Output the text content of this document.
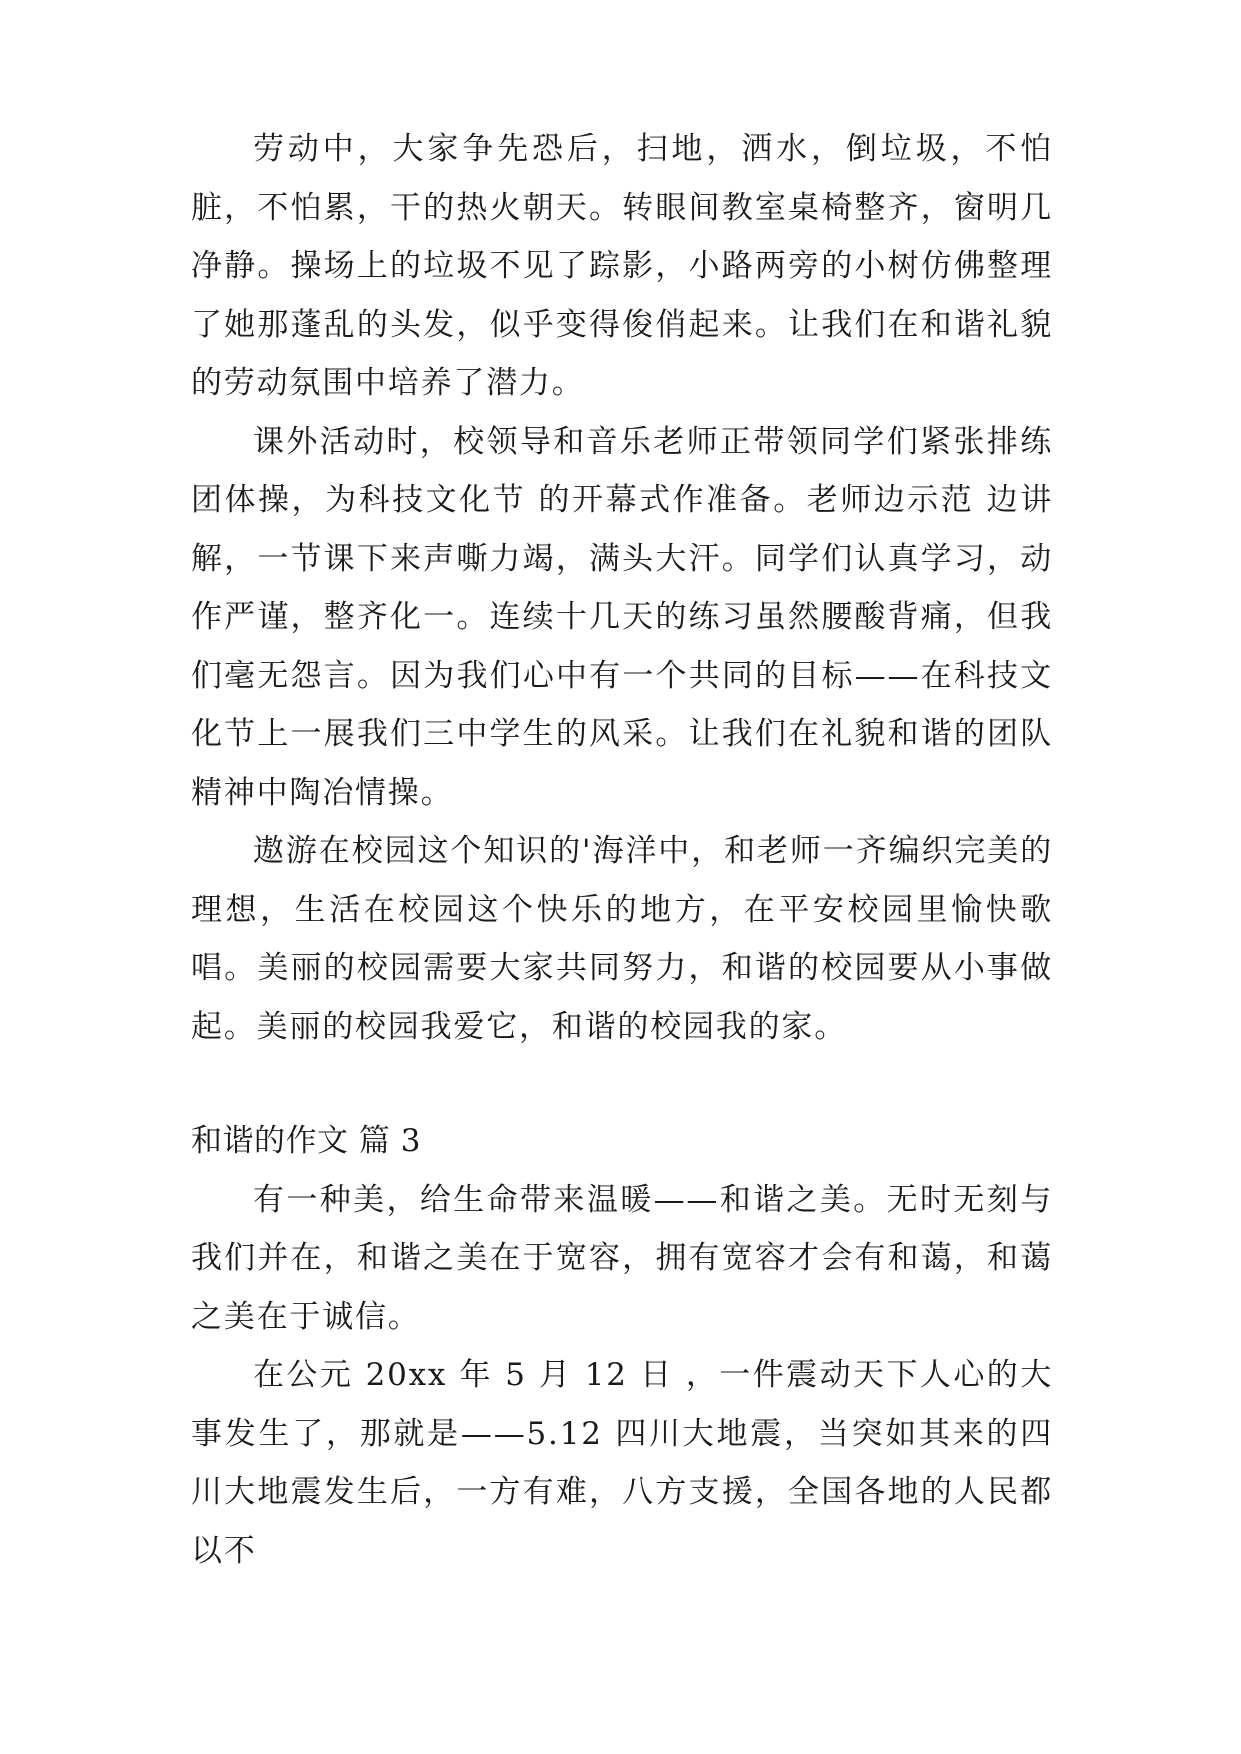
劳动中，大家争先恐后，扫地，洒水，倒垃圾，不怕脏，不怕累，干的热火朝天。转眼间教室桌椅整齐，窗明几净静。操场上的垃圾不见了踪影，小路两旁的小树仿佛整理了她那蓬乱的头发，似乎变得俊俏起来。让我们在和谐礼貌的劳动氛围中培养了潜力。

课外活动时，校领导和音乐老师正带领同学们紧张排练团体操，为科技文化节 的开幕式作准备。老师边示范 边讲解，一节课下来声嘶力竭，满头大汗。同学们认真学习，动作严谨，整齐化一。连续十几天的练习虽然腰酸背痛，但我们毫无怨言。因为我们心中有一个共同的目标——在科技文化节上一展我们三中学生的风采。让我们在礼貌和谐的团队精神中陶冶情操。

遨游在校园这个知识的'海洋中，和老师一齐编织完美的理想，生活在校园这个快乐的地方，在平安校园里愉快歌唱。美丽的校园需要大家共同努力，和谐的校园要从小事做起。美丽的校园我爱它，和谐的校园我的家。

和谐的作文 篇 3

有一种美，给生命带来温暖——和谐之美。无时无刻与我们并在，和谐之美在于宽容，拥有宽容才会有和蔼，和蔼之美在于诚信。

在公元 20xx 年 5 月 12 日 ，一件震动天下人心的大事发生了，那就是——5.12 四川大地震，当突如其来的四川大地震发生后，一方有难，八方支援，全国各地的人民都以不
